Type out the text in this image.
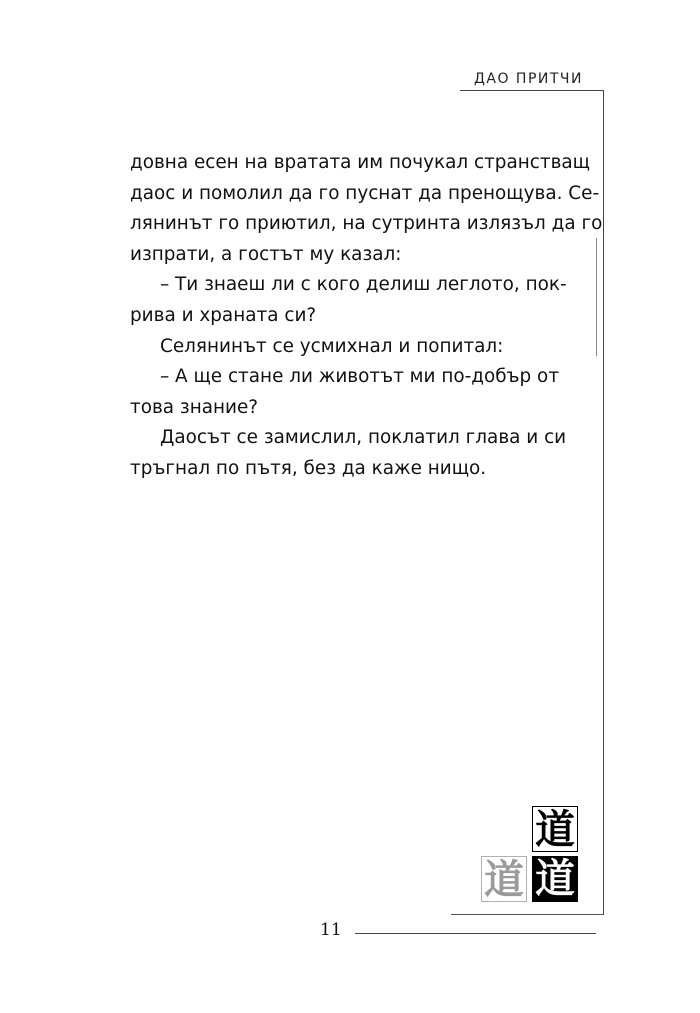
ДАО ПРИТЧИ
довна есен на вратата им почукал странстващ
даос и помолил да го пуснат да пренощува. Се-
лянинът го приютил, на сутринта излязъл да го
изпрати, а гостът му казал:
– Ти знаеш ли с кого делиш леглото, пок-
рива и храната си?
Селянинът се усмихнал и попитал:
– А ще стане ли животът ми по-добър от
това знание?
Даосът се замислил, поклатил глава и си
тръгнал по пътя, без да каже нищо.
道
道 道
11
